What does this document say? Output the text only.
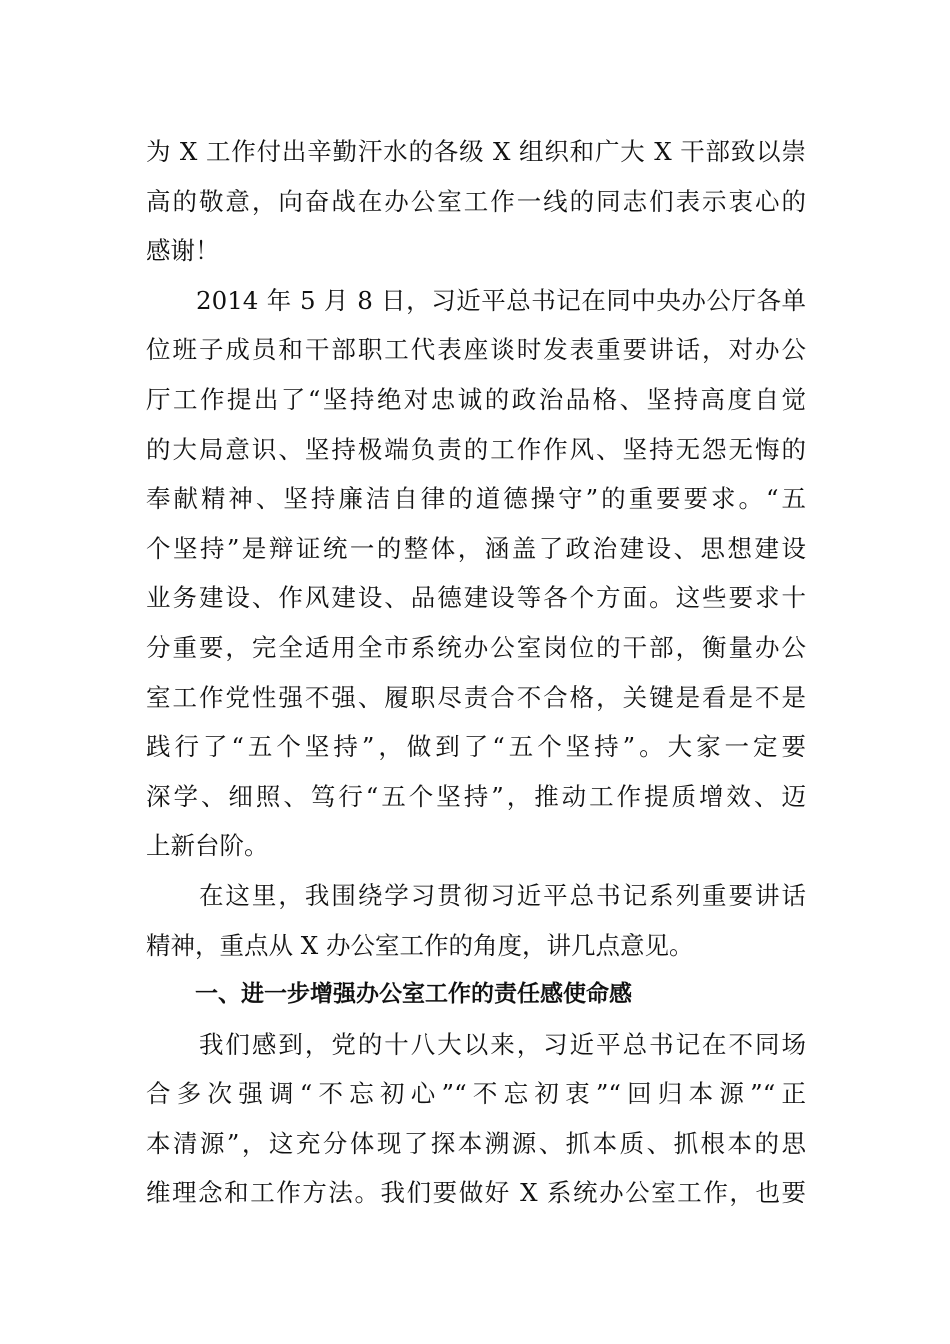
为 X 工作付出辛勤汗水的各级 X 组织和广大 X 干部致以崇
高的敬意，向奋战在办公室工作一线的同志们表示衷心的
感谢！
　　2014 年 5 月 8 日，习近平总书记在同中央办公厅各单
位班子成员和干部职工代表座谈时发表重要讲话，对办公
厅工作提出了“坚持绝对忠诚的政治品格、坚持高度自觉
的大局意识、坚持极端负责的工作作风、坚持无怨无悔的
奉献精神、坚持廉洁自律的道德操守”的重要要求。“五
个坚持”是辩证统一的整体，涵盖了政治建设、思想建设
业务建设、作风建设、品德建设等各个方面。这些要求十
分重要，完全适用全市系统办公室岗位的干部，衡量办公
室工作党性强不强、履职尽责合不合格，关键是看是不是
践行了“五个坚持”，做到了“五个坚持”。大家一定要
深学、细照、笃行“五个坚持”，推动工作提质增效、迈
上新台阶。
　　在这里，我围绕学习贯彻习近平总书记系列重要讲话
精神，重点从 X 办公室工作的角度，讲几点意见。
一、进一步增强办公室工作的责任感使命感
　　我们感到，党的十八大以来，习近平总书记在不同场
合多次强调“不忘初心”“不忘初衷”“回归本源”“正
本清源”，这充分体现了探本溯源、抓本质、抓根本的思
维理念和工作方法。我们要做好 X 系统办公室工作，也要
